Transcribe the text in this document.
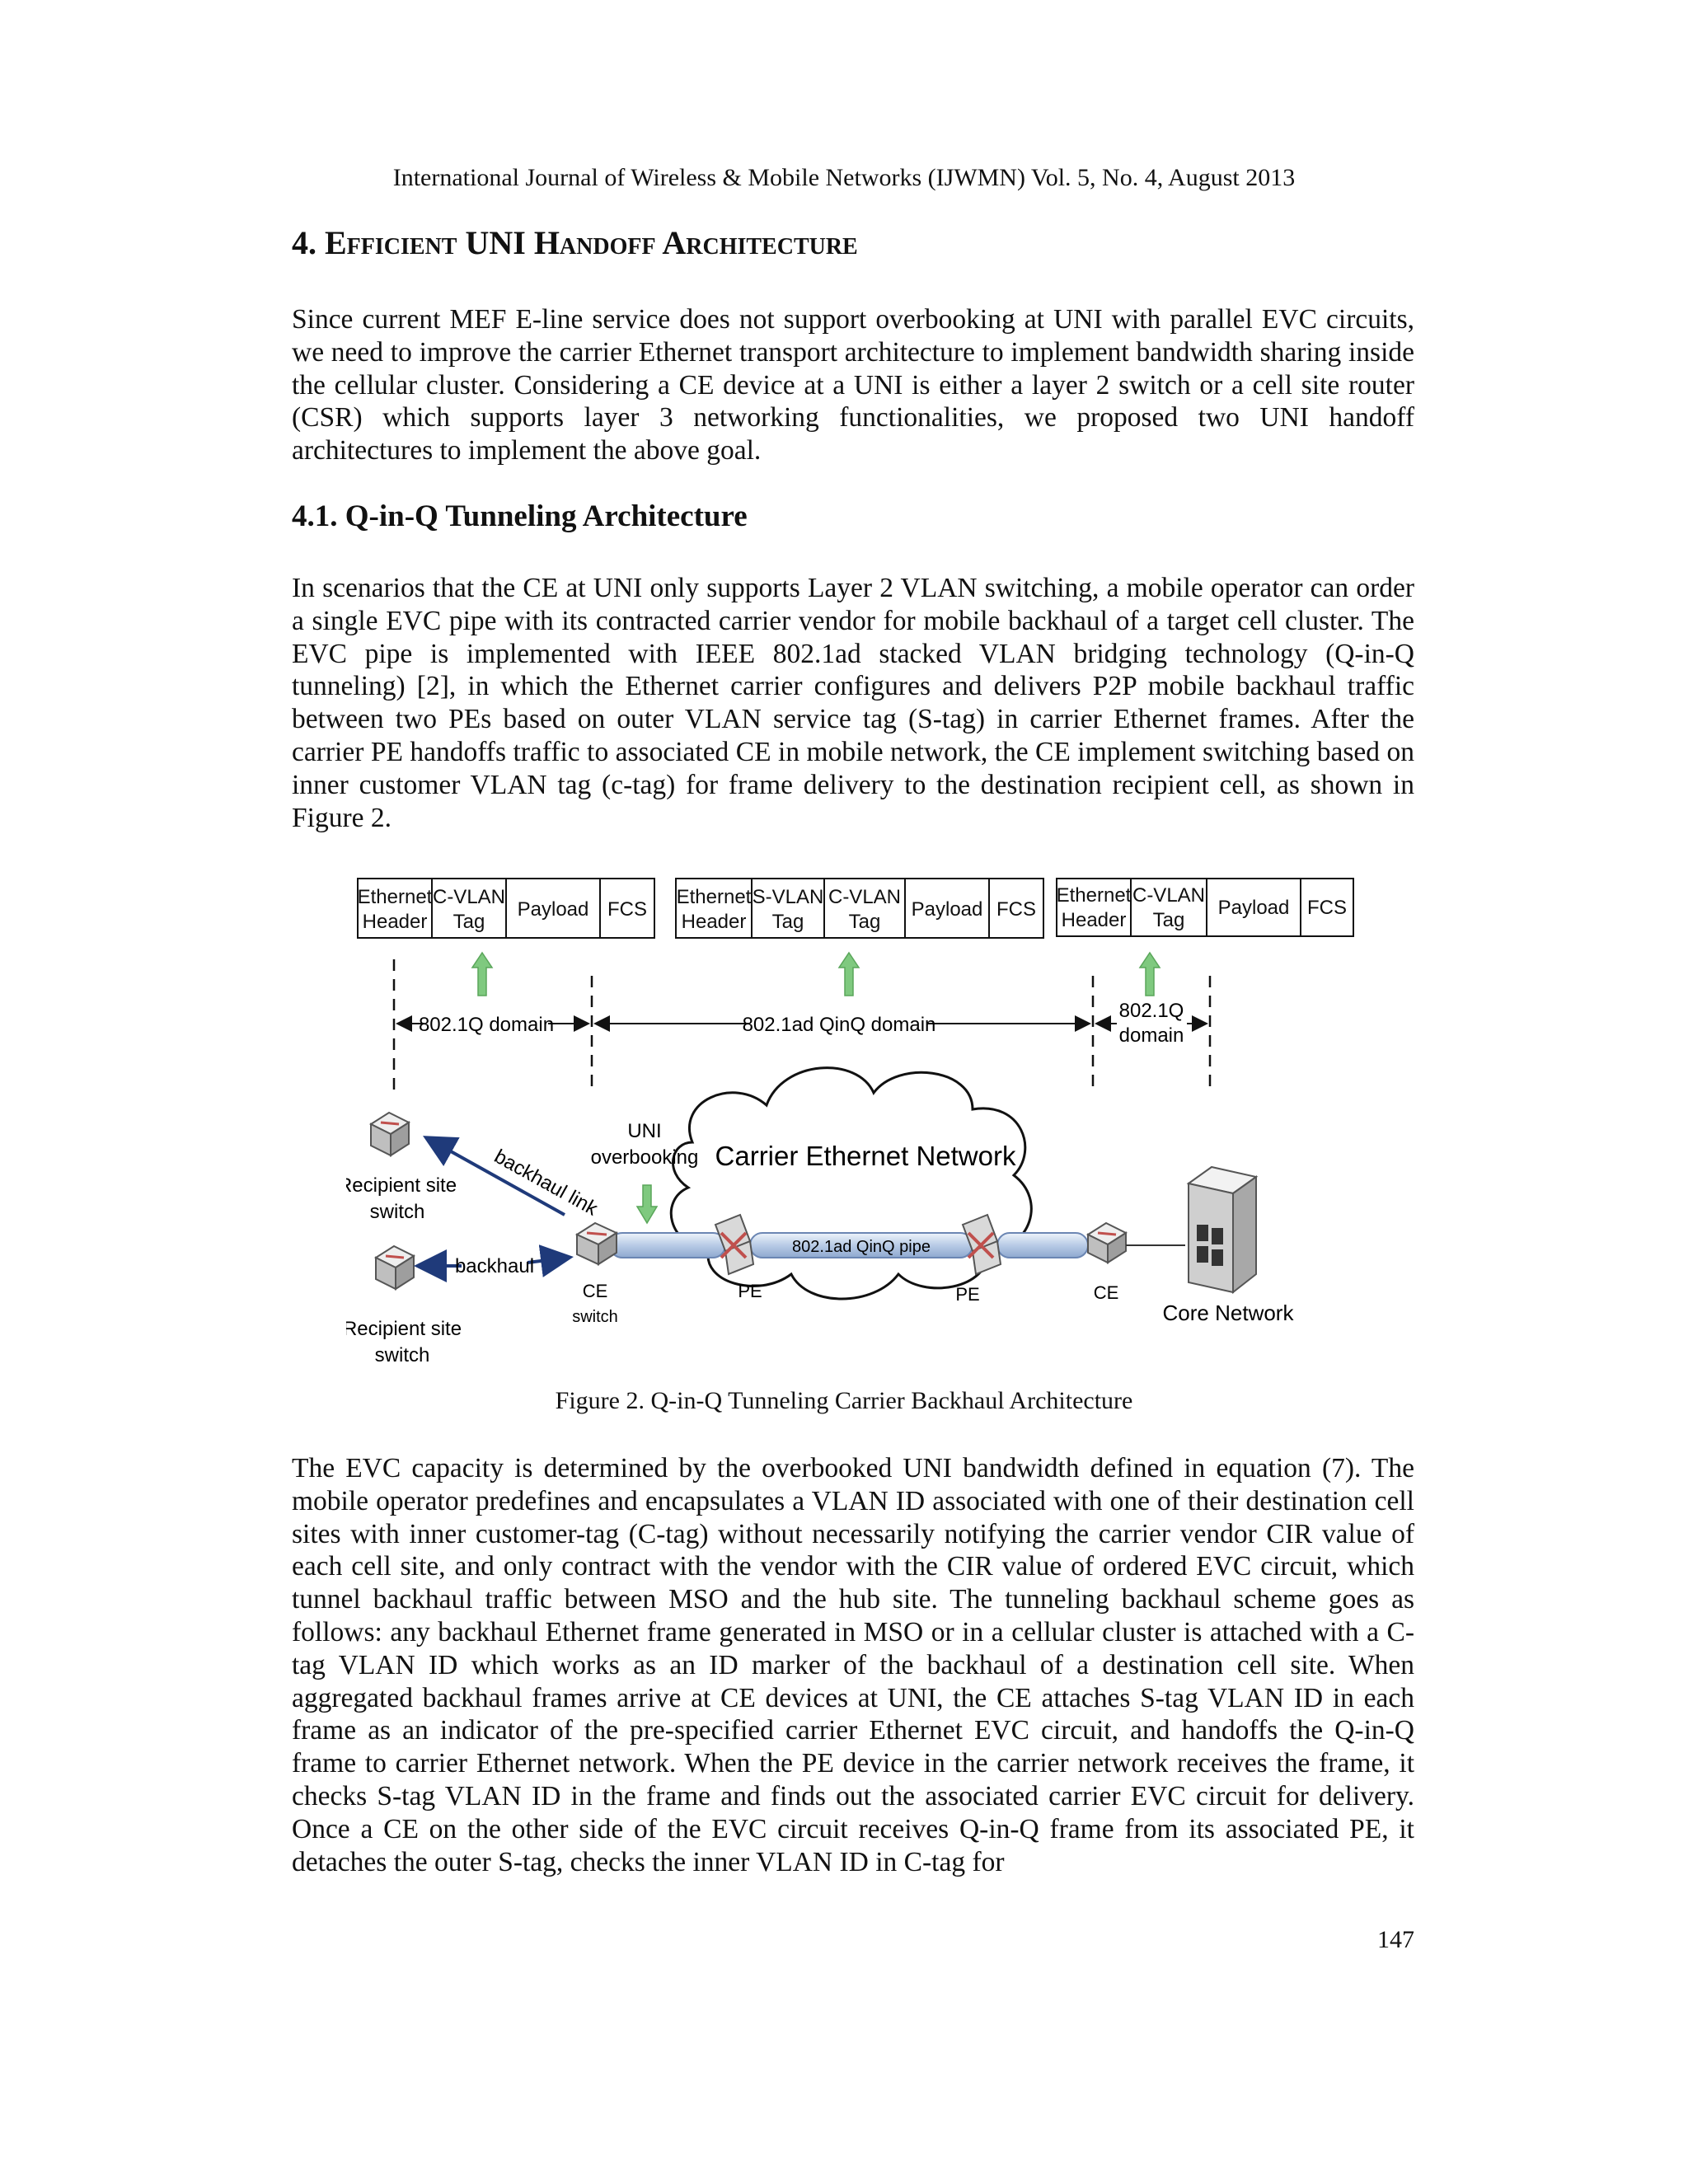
International Journal of Wireless & Mobile Networks (IJWMN) Vol. 5, No. 4, August 2013
4. Efficient UNI Handoff Architecture

Since current MEF E-line service does not support overbooking at UNI with parallel EVC circuits, we need to improve the carrier Ethernet transport architecture to implement bandwidth sharing inside the cellular cluster. Considering a CE device at a UNI is either a layer 2 switch or a cell site router (CSR) which supports layer 3 networking functionalities, we proposed two UNI handoff architectures to implement the above goal.

4.1. Q-in-Q Tunneling Architecture

In scenarios that the CE at UNI only supports Layer 2 VLAN switching, a mobile operator can order a single EVC pipe with its contracted carrier vendor for mobile backhaul of a target cell cluster. The EVC pipe is implemented with IEEE 802.1ad stacked VLAN bridging technology (Q-in-Q tunneling) [2], in which the Ethernet carrier configures and delivers P2P mobile backhaul traffic between two PEs based on outer VLAN service tag (S-tag) in carrier Ethernet frames. After the carrier PE handoffs traffic to associated CE in mobile network, the CE implement switching based on inner customer VLAN tag (c-tag) for frame delivery to the destination recipient cell, as shown in Figure 2.

Ethernet
Header
C-VLAN
Tag
Payload FCS
Ethernet
Header
S-VLAN
Tag
C-VLAN
Tag
Payload FCS
Ethernet
Header
C-VLAN
Tag
Payload FCS
802.1Q domain	802.1ad QinQ domain
802.1Q
domain
Carrier Ethernet Network
UNI
overbooking
802.1ad QinQ pipe
PE	PE
CE
switch
CE
Core Network
Recipient site
switch
Recipient site
switch
backhaul link
backhaul
Figure 2. Q-in-Q Tunneling Carrier Backhaul Architecture

The EVC capacity is determined by the overbooked UNI bandwidth defined in equation (7). The mobile operator predefines and encapsulates a VLAN ID associated with one of their destination cell sites with inner customer-tag (C-tag) without necessarily notifying the carrier vendor CIR value of each cell site, and only contract with the vendor with the CIR value of ordered EVC circuit, which tunnel backhaul traffic between MSO and the hub site. The tunneling backhaul scheme goes as follows: any backhaul Ethernet frame generated in MSO or in a cellular cluster is attached with a C-tag VLAN ID which works as an ID marker of the backhaul of a destination cell site. When aggregated backhaul frames arrive at CE devices at UNI, the CE attaches S-tag VLAN ID in each frame as an indicator of the pre-specified carrier Ethernet EVC circuit, and handoffs the Q-in-Q frame to carrier Ethernet network. When the PE device in the carrier network receives the frame, it checks S-tag VLAN ID in the frame and finds out the associated carrier EVC circuit for delivery. Once a CE on the other side of the EVC circuit receives Q-in-Q frame from its associated PE, it detaches the outer S-tag, checks the inner VLAN ID in C-tag for

147
